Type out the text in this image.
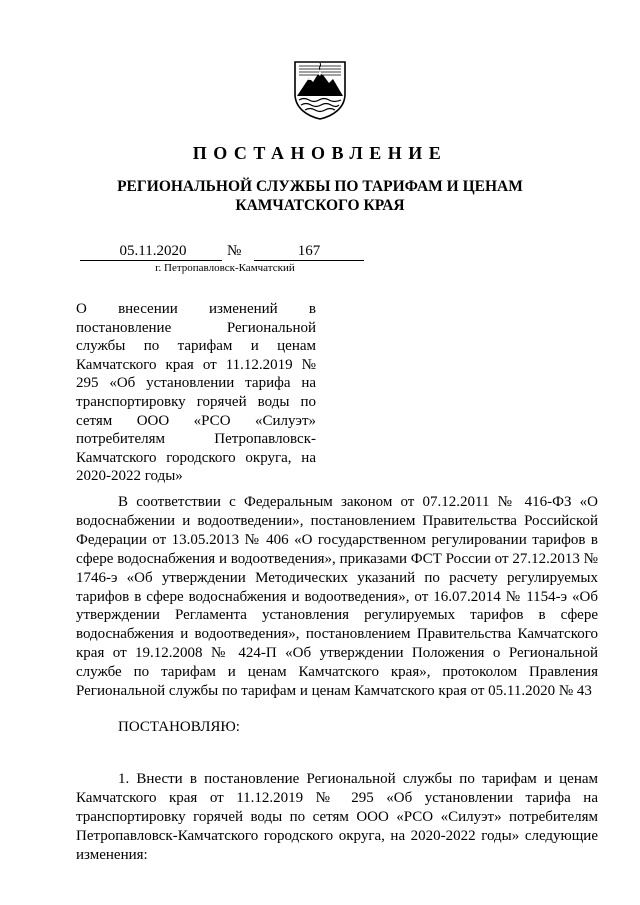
ПОСТАНОВЛЕНИЕ
РЕГИОНАЛЬНОЙ СЛУЖБЫ ПО ТАРИФАМ И ЦЕНАМ
КАМЧАТСКОГО КРАЯ
05.11.2020	№	167
г. Петропавловск-Камчатский
О внесении изменений в постановление Региональной службы по тарифам и ценам Камчатского края от 11.12.2019 № 295 «Об установлении тарифа на транспортировку горячей воды по сетям ООО «РСО «Силуэт» потребителям Петропавловск-Камчатского городского округа, на 2020-2022 годы»

В соответствии с Федеральным законом от 07.12.2011 № 416-ФЗ «О водоснабжении и водоотведении», постановлением Правительства Российской Федерации от 13.05.2013 № 406 «О государственном регулировании тарифов в сфере водоснабжения и водоотведения», приказами ФСТ России от 27.12.2013 № 1746-э «Об утверждении Методических указаний по расчету регулируемых тарифов в сфере водоснабжения и водоотведения», от 16.07.2014 № 1154-э «Об утверждении Регламента установления регулируемых тарифов в сфере водоснабжения и водоотведения», постановлением Правительства Камчатского края от 19.12.2008 № 424-П «Об утверждении Положения о Региональной службе по тарифам и ценам Камчатского края», протоколом Правления Региональной службы по тарифам и ценам Камчатского края от 05.11.2020 № 43

ПОСТАНОВЛЯЮ:

1. Внести в постановление Региональной службы по тарифам и ценам Камчатского края от 11.12.2019 № 295 «Об установлении тарифа на транспортировку горячей воды по сетям ООО «РСО «Силуэт» потребителям Петропавловск-Камчатского городского округа, на 2020-2022 годы» следующие изменения:
